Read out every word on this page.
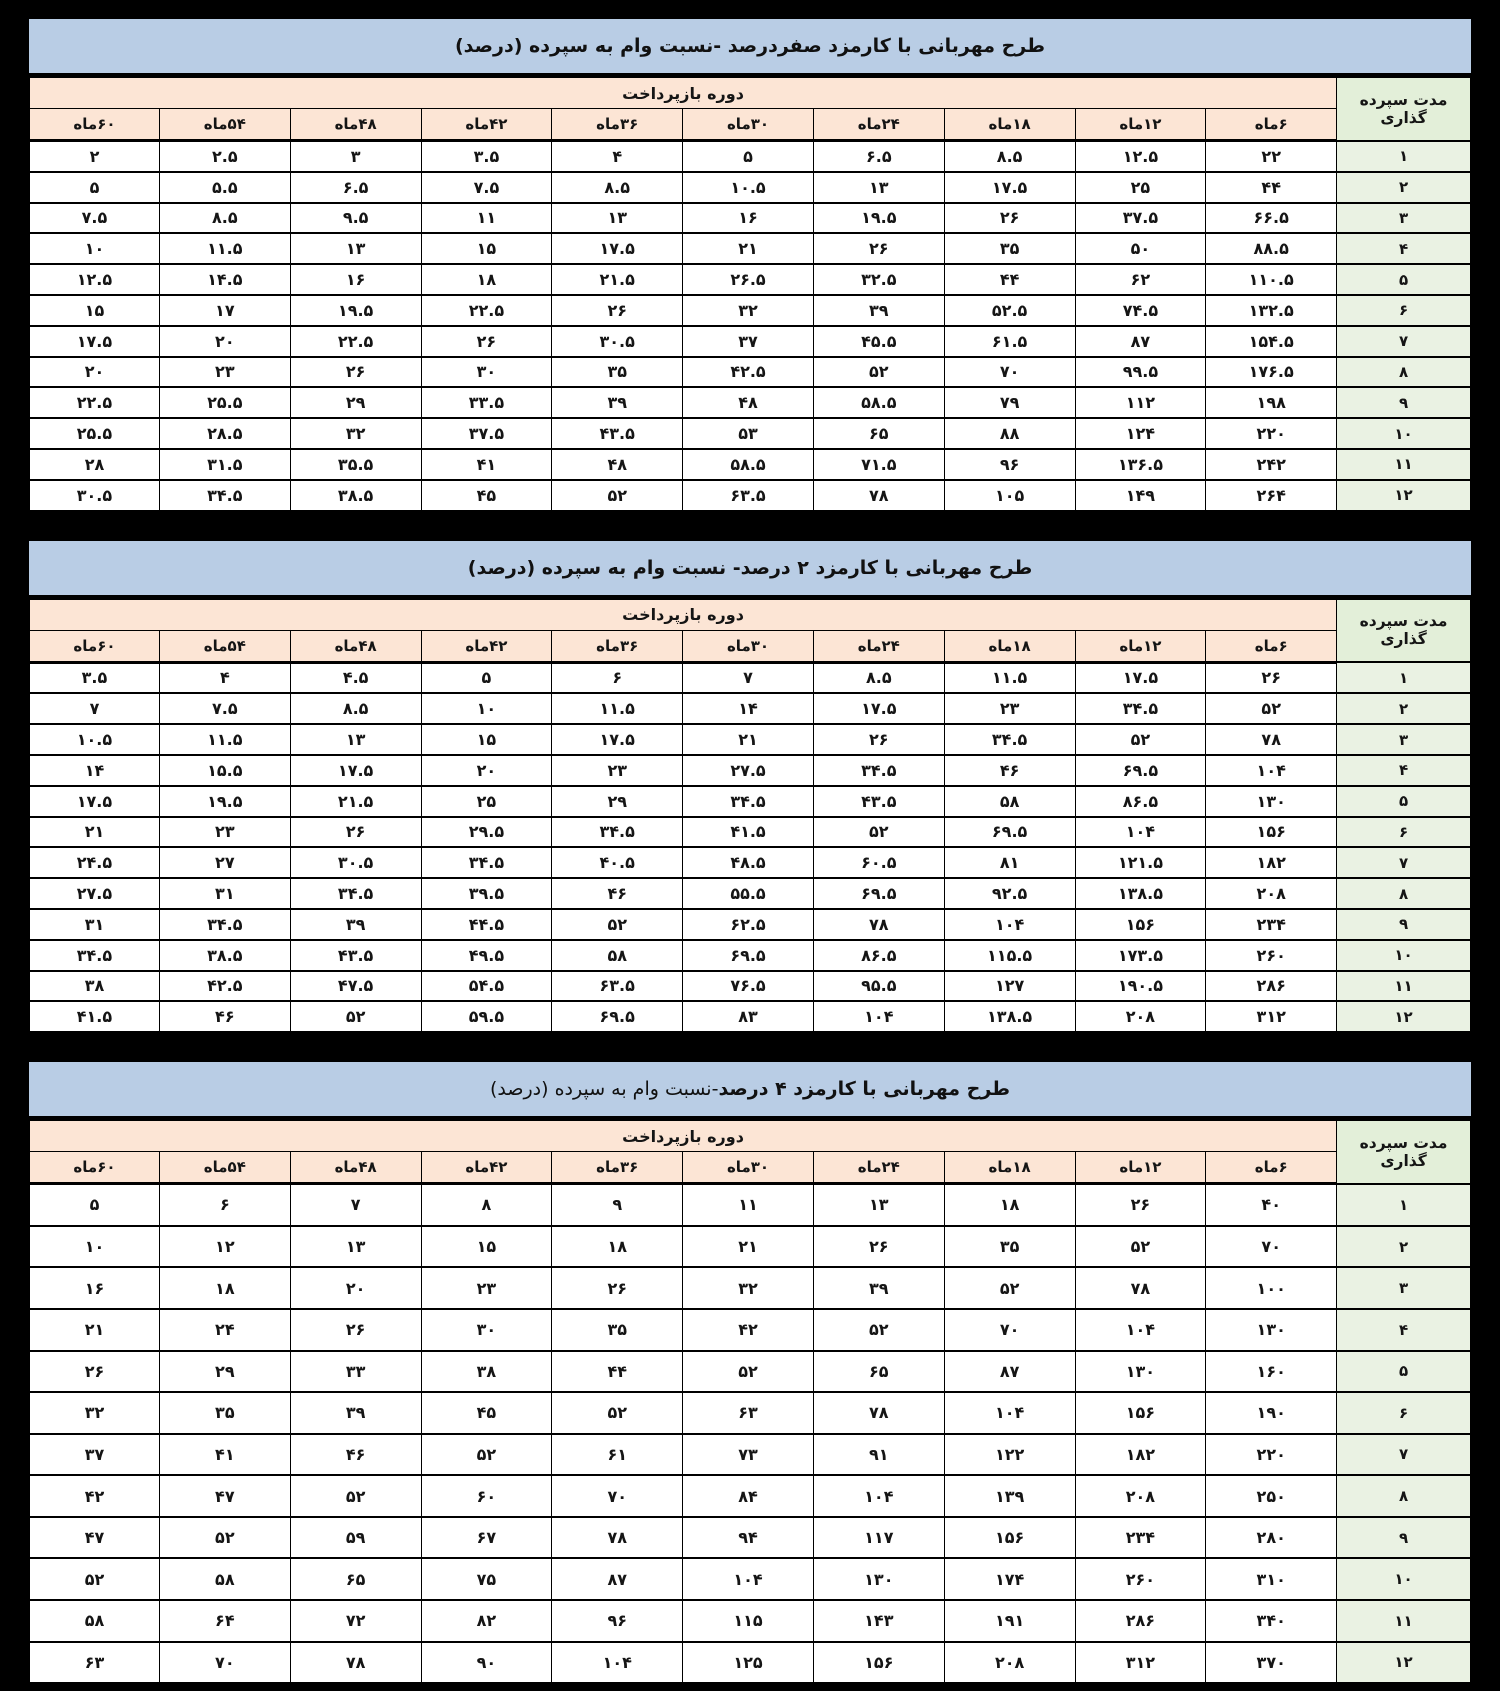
طرح مهربانی با کارمزد صفردرصد -نسبت وام به سپرده (درصد)
مدت سپرده گذاری	دوره بازپرداخت									
	۶ماه	۱۲ماه	۱۸ماه	۲۴ماه	۳۰ماه	۳۶ماه	۴۲ماه	۴۸ماه	۵۴ماه	۶۰ماه
۱	۲۲	۱۲.۵	۸.۵	۶.۵	۵	۴	۳.۵	۳	۲.۵	۲
۲	۴۴	۲۵	۱۷.۵	۱۳	۱۰.۵	۸.۵	۷.۵	۶.۵	۵.۵	۵
۳	۶۶.۵	۳۷.۵	۲۶	۱۹.۵	۱۶	۱۳	۱۱	۹.۵	۸.۵	۷.۵
۴	۸۸.۵	۵۰	۳۵	۲۶	۲۱	۱۷.۵	۱۵	۱۳	۱۱.۵	۱۰
۵	۱۱۰.۵	۶۲	۴۴	۳۲.۵	۲۶.۵	۲۱.۵	۱۸	۱۶	۱۴.۵	۱۲.۵
۶	۱۳۲.۵	۷۴.۵	۵۲.۵	۳۹	۳۲	۲۶	۲۲.۵	۱۹.۵	۱۷	۱۵
۷	۱۵۴.۵	۸۷	۶۱.۵	۴۵.۵	۳۷	۳۰.۵	۲۶	۲۲.۵	۲۰	۱۷.۵
۸	۱۷۶.۵	۹۹.۵	۷۰	۵۲	۴۲.۵	۳۵	۳۰	۲۶	۲۳	۲۰
۹	۱۹۸	۱۱۲	۷۹	۵۸.۵	۴۸	۳۹	۳۳.۵	۲۹	۲۵.۵	۲۲.۵
۱۰	۲۲۰	۱۲۴	۸۸	۶۵	۵۳	۴۳.۵	۳۷.۵	۳۲	۲۸.۵	۲۵.۵
۱۱	۲۴۲	۱۳۶.۵	۹۶	۷۱.۵	۵۸.۵	۴۸	۴۱	۳۵.۵	۳۱.۵	۲۸
۱۲	۲۶۴	۱۴۹	۱۰۵	۷۸	۶۳.۵	۵۲	۴۵	۳۸.۵	۳۴.۵	۳۰.۵
طرح مهربانی با کارمزد ۲ درصد- نسبت وام به سپرده (درصد)
مدت سپرده گذاری	دوره بازپرداخت									
	۶ماه	۱۲ماه	۱۸ماه	۲۴ماه	۳۰ماه	۳۶ماه	۴۲ماه	۴۸ماه	۵۴ماه	۶۰ماه
۱	۲۶	۱۷.۵	۱۱.۵	۸.۵	۷	۶	۵	۴.۵	۴	۳.۵
۲	۵۲	۳۴.۵	۲۳	۱۷.۵	۱۴	۱۱.۵	۱۰	۸.۵	۷.۵	۷
۳	۷۸	۵۲	۳۴.۵	۲۶	۲۱	۱۷.۵	۱۵	۱۳	۱۱.۵	۱۰.۵
۴	۱۰۴	۶۹.۵	۴۶	۳۴.۵	۲۷.۵	۲۳	۲۰	۱۷.۵	۱۵.۵	۱۴
۵	۱۳۰	۸۶.۵	۵۸	۴۳.۵	۳۴.۵	۲۹	۲۵	۲۱.۵	۱۹.۵	۱۷.۵
۶	۱۵۶	۱۰۴	۶۹.۵	۵۲	۴۱.۵	۳۴.۵	۲۹.۵	۲۶	۲۳	۲۱
۷	۱۸۲	۱۲۱.۵	۸۱	۶۰.۵	۴۸.۵	۴۰.۵	۳۴.۵	۳۰.۵	۲۷	۲۴.۵
۸	۲۰۸	۱۳۸.۵	۹۲.۵	۶۹.۵	۵۵.۵	۴۶	۳۹.۵	۳۴.۵	۳۱	۲۷.۵
۹	۲۳۴	۱۵۶	۱۰۴	۷۸	۶۲.۵	۵۲	۴۴.۵	۳۹	۳۴.۵	۳۱
۱۰	۲۶۰	۱۷۳.۵	۱۱۵.۵	۸۶.۵	۶۹.۵	۵۸	۴۹.۵	۴۳.۵	۳۸.۵	۳۴.۵
۱۱	۲۸۶	۱۹۰.۵	۱۲۷	۹۵.۵	۷۶.۵	۶۳.۵	۵۴.۵	۴۷.۵	۴۲.۵	۳۸
۱۲	۳۱۲	۲۰۸	۱۳۸.۵	۱۰۴	۸۳	۶۹.۵	۵۹.۵	۵۲	۴۶	۴۱.۵
طرح مهربانی با کارمزد ۴ درصد
-نسبت وام به سپرده (درصد)
مدت سپرده گذاری	دوره بازپرداخت									
	۶ماه	۱۲ماه	۱۸ماه	۲۴ماه	۳۰ماه	۳۶ماه	۴۲ماه	۴۸ماه	۵۴ماه	۶۰ماه
۱	۴۰	۲۶	۱۸	۱۳	۱۱	۹	۸	۷	۶	۵
۲	۷۰	۵۲	۳۵	۲۶	۲۱	۱۸	۱۵	۱۳	۱۲	۱۰
۳	۱۰۰	۷۸	۵۲	۳۹	۳۲	۲۶	۲۳	۲۰	۱۸	۱۶
۴	۱۳۰	۱۰۴	۷۰	۵۲	۴۲	۳۵	۳۰	۲۶	۲۴	۲۱
۵	۱۶۰	۱۳۰	۸۷	۶۵	۵۲	۴۴	۳۸	۳۳	۲۹	۲۶
۶	۱۹۰	۱۵۶	۱۰۴	۷۸	۶۳	۵۲	۴۵	۳۹	۳۵	۳۲
۷	۲۲۰	۱۸۲	۱۲۲	۹۱	۷۳	۶۱	۵۲	۴۶	۴۱	۳۷
۸	۲۵۰	۲۰۸	۱۳۹	۱۰۴	۸۴	۷۰	۶۰	۵۲	۴۷	۴۲
۹	۲۸۰	۲۳۴	۱۵۶	۱۱۷	۹۴	۷۸	۶۷	۵۹	۵۲	۴۷
۱۰	۳۱۰	۲۶۰	۱۷۴	۱۳۰	۱۰۴	۸۷	۷۵	۶۵	۵۸	۵۲
۱۱	۳۴۰	۲۸۶	۱۹۱	۱۴۳	۱۱۵	۹۶	۸۲	۷۲	۶۴	۵۸
۱۲	۳۷۰	۳۱۲	۲۰۸	۱۵۶	۱۲۵	۱۰۴	۹۰	۷۸	۷۰	۶۳
